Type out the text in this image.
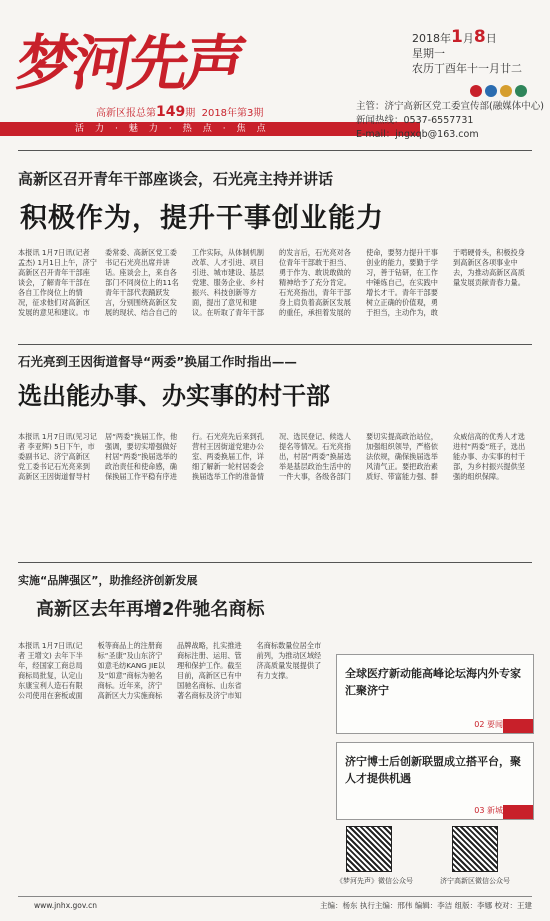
梦河先声
高新区报总第149期 2018年第3期
活力·魅力·热点·焦点
2018年1月8日
星期一
农历丁酉年十一月廿二
主管：济宁高新区党工委宣传部(融媒体中心)
新闻热线：0537-6557731
E-mail：jngxqb@163.com
高新区召开青年干部座谈会，石光亮主持并讲话
积极作为，提升干事创业能力
本报讯 1月7日讯(记者 孟杰) 1月1日上午，济宁高新区召开青年干部座谈会，了解青年干部在各自工作岗位上的情况，征求他们对高新区发展的意见和建议。市委常委、高新区党工委书记石光亮出席并讲话。座谈会上，来自各部门不同岗位上的11名青年干部代表踊跃发言，分别围绕高新区发展的现状、结合自己的工作实际，从体制机制改革、人才引进、项目引进、城市建设、基层党建、服务企业、乡村振兴、科技创新等方面，提出了意见和建议。在听取了青年干部的发言后，石光亮对各位青年干部敢于担当、勇于作为、敢说敢做的精神给予了充分肯定。石光亮指出，青年干部身上肩负着高新区发展的重任，承担着发展的使命，要努力提升干事创业的能力，要勤于学习，善于钻研，在工作中锤炼自己，在实践中增长才干。青年干部要树立正确的价值观，勇于担当，主动作为，敢于啃硬骨头，积极投身到高新区各项事业中去，为推动高新区高质量发展贡献青春力量。
石光亮到王因街道督导“两委”换届工作时指出——
选出能办事、办实事的村干部
本报讯 1月7日讯(见习记者 李亚辉) 5日下午，市委副书记、济宁高新区党工委书记石光亮来到高新区王因街道督导村居“两委”换届工作，他强调，要切实增强做好村居“两委”换届选举的政治责任和使命感，确保换届工作平稳有序进行。石光亮先后来到孔营村王因街道党建办公室、两委换届工作，详细了解新一轮村居委会换届选举工作的准备情况、选民登记、候选人提名等情况。石光亮指出，村居“两委”换届选举是基层政治生活中的一件大事，各级各部门要切实提高政治站位，加强组织领导，严格依法依规，确保换届选举风清气正。要把政治素质好、带富能力强、群众威信高的优秀人才选进村“两委”班子，选出能办事、办实事的村干部，为乡村振兴提供坚强的组织保障。
实施“品牌强区”，助推经济创新发展
高新区去年再增2件驰名商标
本报讯 1月7日讯(记者 王增文) 去年下半年，经国家工商总局商标局批复，认定山东康宝利人造石有限公司使用在套板或面板等商品上的注册商标“圣康”及山东济宁如意毛纺KANG JIE以及“如意”商标为驰名商标。近年来，济宁高新区大力实施商标品牌战略，扎实推进商标注册、运用、管理和保护工作。截至目前，高新区已有中国驰名商标、山东省著名商标及济宁市知名商标数量位居全市前列，为推动区域经济高质量发展提供了有力支撑。	全球医疗新动能高峰论坛海内外专家汇聚济宁
02 要闻
济宁博士后创新联盟成立搭平台，聚人才提供机遇
03 新城
《梦河先声》微信公众号	济宁高新区微信公众号
www.jnhx.gov.cn	主编：杨东 执行主编：邢伟 编辑：李洁 组版：李娜 校对：王建
